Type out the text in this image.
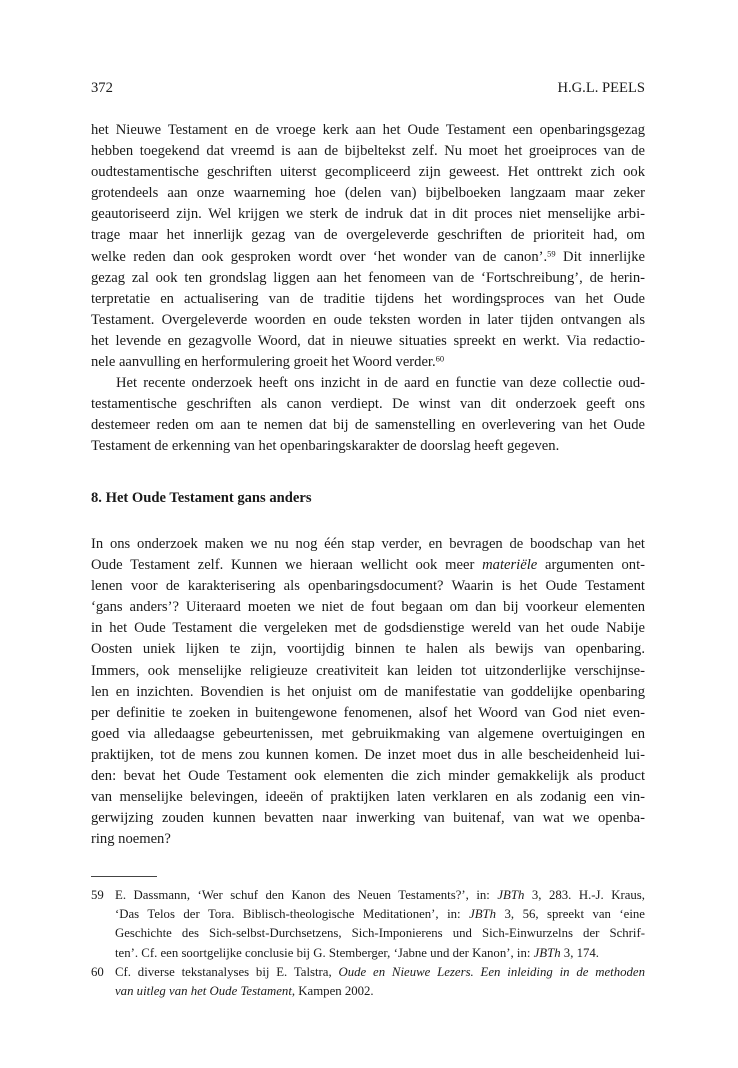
372	H.G.L. PEELS
het Nieuwe Testament en de vroege kerk aan het Oude Testament een openbaringsgezag
hebben toegekend dat vreemd is aan de bijbeltekst zelf. Nu moet het groeiproces van de
oudtestamentische geschriften uiterst gecompliceerd zijn geweest. Het onttrekt zich ook
grotendeels aan onze waarneming hoe (delen van) bijbelboeken langzaam maar zeker
geautoriseerd zijn. Wel krijgen we sterk de indruk dat in dit proces niet menselijke arbi-
trage maar het innerlijk gezag van de overgeleverde geschriften de prioriteit had, om
welke reden dan ook gesproken wordt over ‘het wonder van de canon’.$^{59}$ Dit innerlijke
gezag zal ook ten grondslag liggen aan het fenomeen van de ‘Fortschreibung’, de herin-
terpretatie en actualisering van de traditie tijdens het wordingsproces van het Oude
Testament. Overgeleverde woorden en oude teksten worden in later tijden ontvangen als
het levende en gezagvolle Woord, dat in nieuwe situaties spreekt en werkt. Via redactio-
nele aanvulling en herformulering groeit het Woord verder.$^{60}$
Het recente onderzoek heeft ons inzicht in de aard en functie van deze collectie oud-
testamentische geschriften als canon verdiept. De winst van dit onderzoek geeft ons
destemeer reden om aan te nemen dat bij de samenstelling en overlevering van het Oude
Testament de erkenning van het openbaringskarakter de doorslag heeft gegeven.
8. Het Oude Testament gans anders
In ons onderzoek maken we nu nog één stap verder, en bevragen de boodschap van het
Oude Testament zelf. Kunnen we hieraan wellicht ook meer materiële argumenten ont-
lenen voor de karakterisering als openbaringsdocument? Waarin is het Oude Testament
‘gans anders’? Uiteraard moeten we niet de fout begaan om dan bij voorkeur elementen
in het Oude Testament die vergeleken met de godsdienstige wereld van het oude Nabije
Oosten uniek lijken te zijn, voortijdig binnen te halen als bewijs van openbaring.
Immers, ook menselijke religieuze creativiteit kan leiden tot uitzonderlijke verschijnse-
len en inzichten. Bovendien is het onjuist om de manifestatie van goddelijke openbaring
per definitie te zoeken in buitengewone fenomenen, alsof het Woord van God niet even-
goed via alledaagse gebeurtenissen, met gebruikmaking van algemene overtuigingen en
praktijken, tot de mens zou kunnen komen. De inzet moet dus in alle bescheidenheid lui-
den: bevat het Oude Testament ook elementen die zich minder gemakkelijk als product
van menselijke belevingen, ideeën of praktijken laten verklaren en als zodanig een vin-
gerwijzing zouden kunnen bevatten naar inwerking van buitenaf, van wat we openba-
ring noemen?
59 E. Dassmann, ‘Wer schuf den Kanon des Neuen Testaments?’, in: JBTh 3, 283. H.-J. Kraus,
‘Das Telos der Tora. Biblisch-theologische Meditationen’, in: JBTh 3, 56, spreekt van ‘eine
Geschichte des Sich-selbst-Durchsetzens, Sich-Imponierens und Sich-Einwurzelns der Schrif-
ten’. Cf. een soortgelijke conclusie bij G. Stemberger, ‘Jabne und der Kanon’, in: JBTh 3, 174.
60 Cf. diverse tekstanalyses bij E. Talstra, Oude en Nieuwe Lezers. Een inleiding in de methoden
van uitleg van het Oude Testament, Kampen 2002.
